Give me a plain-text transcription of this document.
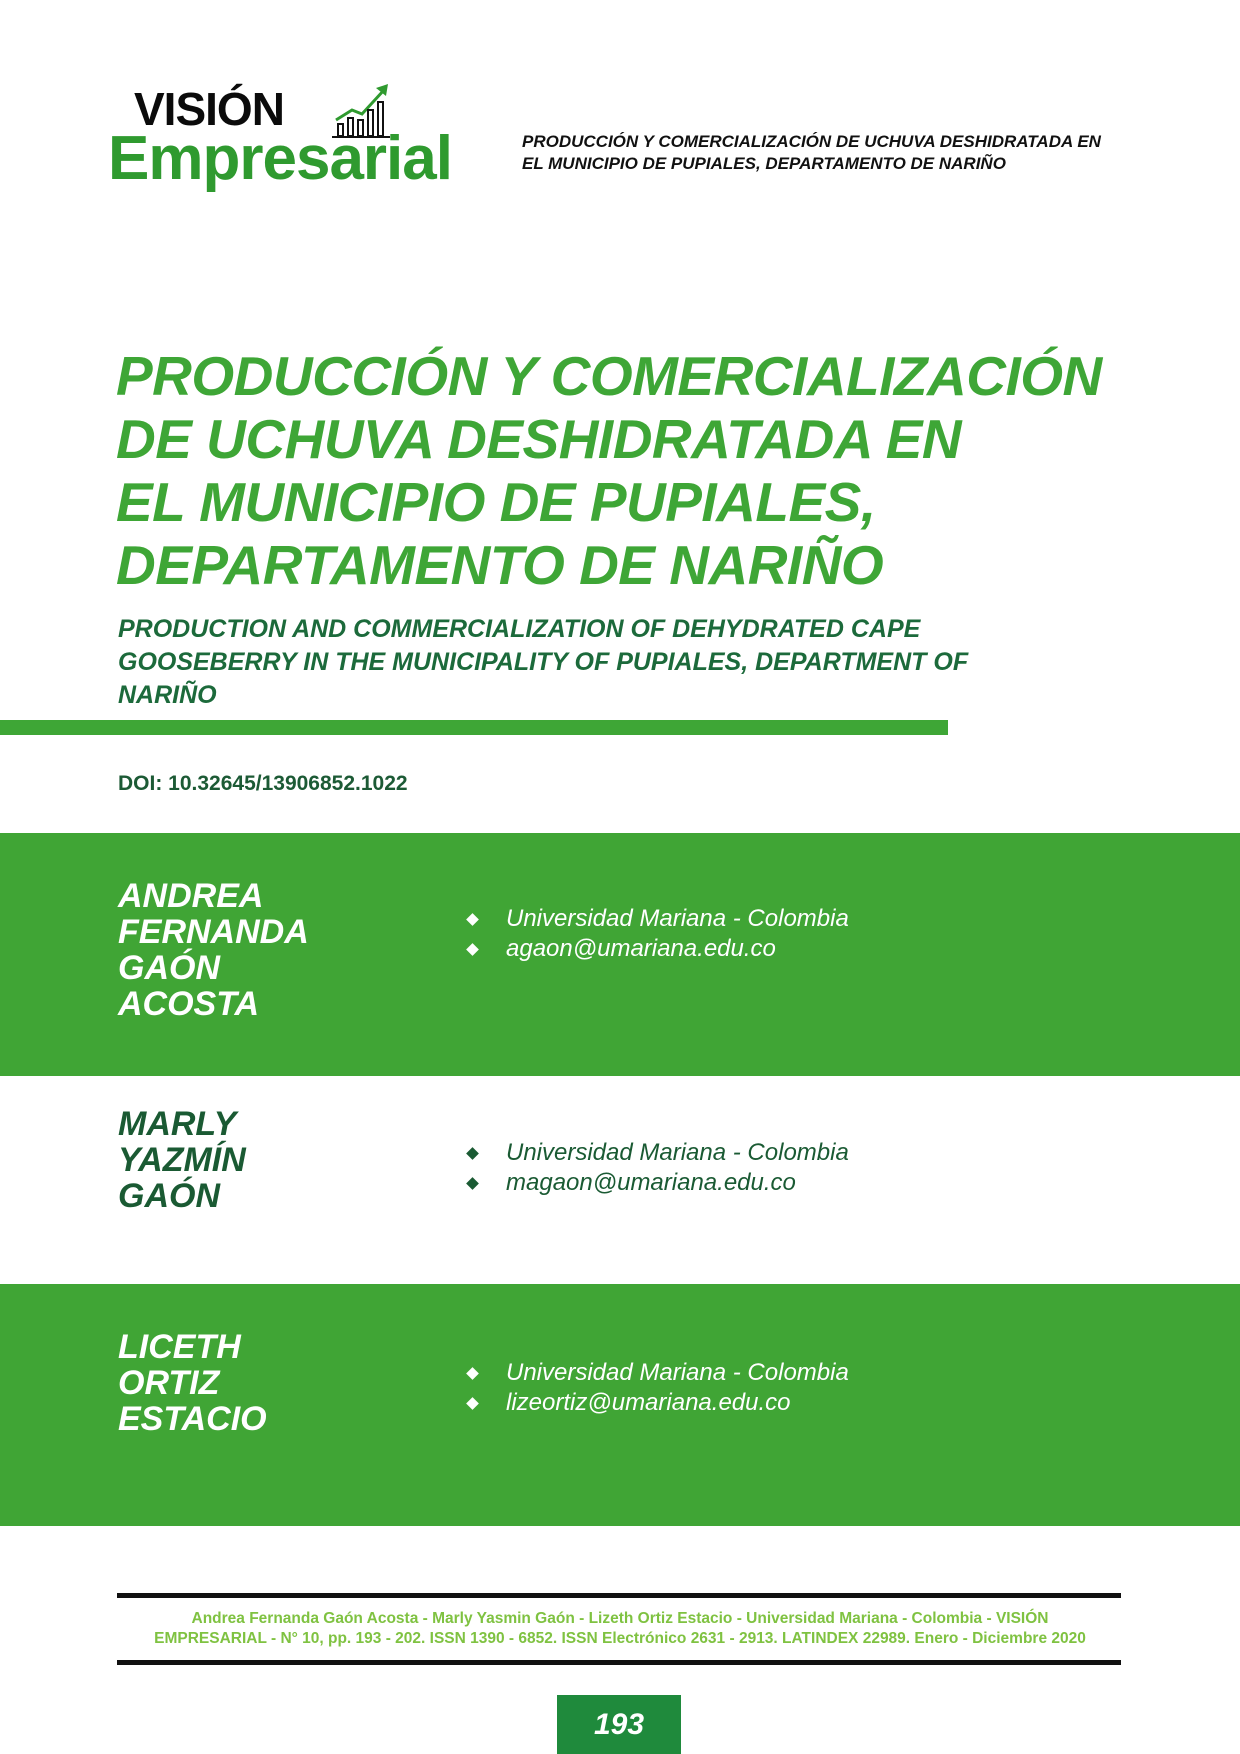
VISIÓN
Empresarial	PRODUCCIÓN Y COMERCIALIZACIÓN DE UCHUVA DESHIDRATADA EN
EL MUNICIPIO DE PUPIALES, DEPARTAMENTO DE NARIÑO
PRODUCCIÓN Y COMERCIALIZACIÓN
DE UCHUVA DESHIDRATADA EN
EL MUNICIPIO DE PUPIALES,
DEPARTAMENTO DE NARIÑO
PRODUCTION AND COMMERCIALIZATION OF DEHYDRATED CAPE
GOOSEBERRY IN THE MUNICIPALITY OF PUPIALES, DEPARTMENT OF
NARIÑO
DOI: 10.32645/13906852.1022
ANDREA
FERNANDA
GAÓN
ACOSTA
Universidad Mariana - Colombia
agaon@umariana.edu.co
MARLY
YAZMÍN
GAÓN
Universidad Mariana - Colombia
magaon@umariana.edu.co
LICETH
ORTIZ
ESTACIO
Universidad Mariana - Colombia
lizeortiz@umariana.edu.co
Andrea Fernanda Gaón Acosta - Marly Yasmin Gaón - Lizeth Ortiz Estacio - Universidad Mariana - Colombia - VISIÓN
EMPRESARIAL - N° 10, pp. 193 - 202. ISSN 1390 - 6852. ISSN Electrónico 2631 - 2913. LATINDEX 22989. Enero - Diciembre 2020
193
